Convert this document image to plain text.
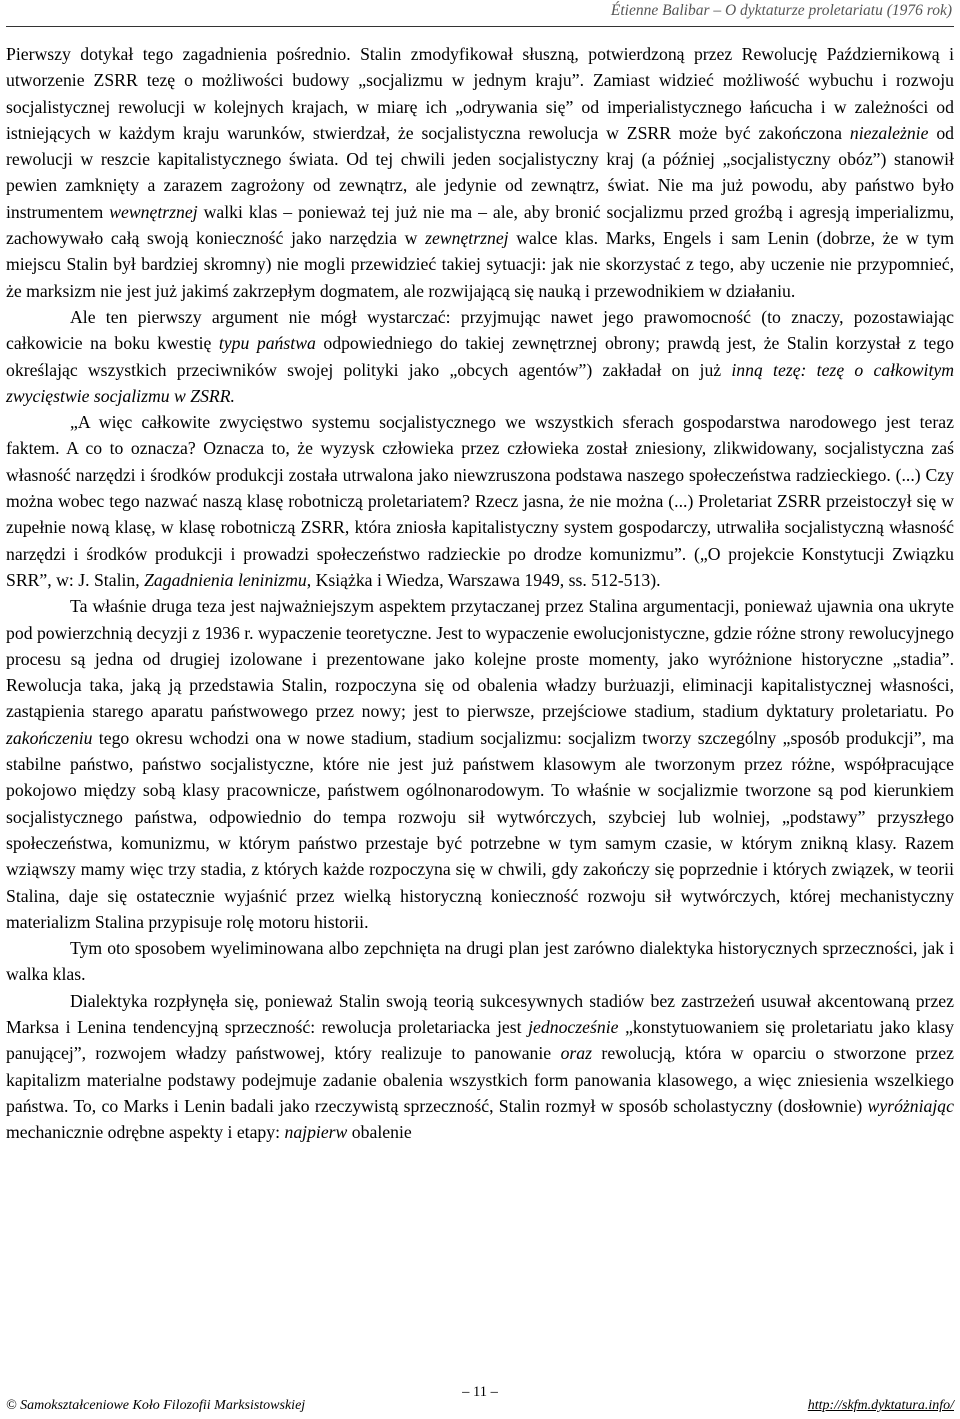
Étienne Balibar – O dyktaturze proletariatu (1976 rok)

Pierwszy dotykał tego zagadnienia pośrednio. Stalin zmodyfikował słuszną, potwierdzoną przez Rewolucję Październikową i utworzenie ZSRR tezę o możliwości budowy „socjalizmu w jednym kraju”. Zamiast widzieć możliwość wybuchu i rozwoju socjalistycznej rewolucji w kolejnych krajach, w miarę ich „odrywania się” od imperialistycznego łańcucha i w zależności od istniejących w każdym kraju warunków, stwierdzał, że socjalistyczna rewolucja w ZSRR może być zakończona niezależnie od rewolucji w reszcie kapitalistycznego świata. Od tej chwili jeden socjalistyczny kraj (a później „socjalistyczny obóz”) stanowił pewien zamknięty a zarazem zagrożony od zewnątrz, ale jedynie od zewnątrz, świat. Nie ma już powodu, aby państwo było instrumentem wewnętrznej walki klas – ponieważ tej już nie ma – ale, aby bronić socjalizmu przed groźbą i agresją imperializmu, zachowywało całą swoją konieczność jako narzędzia w zewnętrznej walce klas. Marks, Engels i sam Lenin (dobrze, że w tym miejscu Stalin był bardziej skromny) nie mogli przewidzieć takiej sytuacji: jak nie skorzystać z tego, aby uczenie nie przypomnieć, że marksizm nie jest już jakimś zakrzepłym dogmatem, ale rozwijającą się nauką i przewodnikiem w działaniu.

Ale ten pierwszy argument nie mógł wystarczać: przyjmując nawet jego prawomocność (to znaczy, pozostawiając całkowicie na boku kwestię typu państwa odpowiedniego do takiej zewnętrznej obrony; prawdą jest, że Stalin korzystał z tego określając wszystkich przeciwników swojej polityki jako „obcych agentów”) zakładał on już inną tezę: tezę o całkowitym zwycięstwie socjalizmu w ZSRR.

„A więc całkowite zwycięstwo systemu socjalistycznego we wszystkich sferach gospodarstwa narodowego jest teraz faktem. A co to oznacza? Oznacza to, że wyzysk człowieka przez człowieka został zniesiony, zlikwidowany, socjalistyczna zaś własność narzędzi i środków produkcji została utrwalona jako niewzruszona podstawa naszego społeczeństwa radzieckiego. (...) Czy można wobec tego nazwać naszą klasę robotniczą proletariatem? Rzecz jasna, że nie można (...) Proletariat ZSRR przeistoczył się w zupełnie nową klasę, w klasę robotniczą ZSRR, która zniosła kapitalistyczny system gospodarczy, utrwaliła socjalistyczną własność narzędzi i środków produkcji i prowadzi społeczeństwo radzieckie po drodze komunizmu”. („O projekcie Konstytucji Związku SRR”, w: J. Stalin, Zagadnienia leninizmu, Książka i Wiedza, Warszawa 1949, ss. 512-513).

Ta właśnie druga teza jest najważniejszym aspektem przytaczanej przez Stalina argumentacji, ponieważ ujawnia ona ukryte pod powierzchnią decyzji z 1936 r. wypaczenie teoretyczne. Jest to wypaczenie ewolucjonistyczne, gdzie różne strony rewolucyjnego procesu są jedna od drugiej izolowane i prezentowane jako kolejne proste momenty, jako wyróżnione historyczne „stadia”. Rewolucja taka, jaką ją przedstawia Stalin, rozpoczyna się od obalenia władzy burżuazji, eliminacji kapitalistycznej własności, zastąpienia starego aparatu państwowego przez nowy; jest to pierwsze, przejściowe stadium, stadium dyktatury proletariatu. Po zakończeniu tego okresu wchodzi ona w nowe stadium, stadium socjalizmu: socjalizm tworzy szczególny „sposób produkcji”, ma stabilne państwo, państwo socjalistyczne, które nie jest już państwem klasowym ale tworzonym przez różne, współpracujące pokojowo między sobą klasy pracownicze, państwem ogólnonarodowym. To właśnie w socjalizmie tworzone są pod kierunkiem socjalistycznego państwa, odpowiednio do tempa rozwoju sił wytwórczych, szybciej lub wolniej, „podstawy” przyszłego społeczeństwa, komunizmu, w którym państwo przestaje być potrzebne w tym samym czasie, w którym znikną klasy. Razem wziąwszy mamy więc trzy stadia, z których każde rozpoczyna się w chwili, gdy zakończy się poprzednie i których związek, w teorii Stalina, daje się ostatecznie wyjaśnić przez wielką historyczną konieczność rozwoju sił wytwórczych, której mechanistyczny materializm Stalina przypisuje rolę motoru historii.

Tym oto sposobem wyeliminowana albo zepchnięta na drugi plan jest zarówno dialektyka historycznych sprzeczności, jak i walka klas.

Dialektyka rozpłynęła się, ponieważ Stalin swoją teorią sukcesywnych stadiów bez zastrzeżeń usuwał akcentowaną przez Marksa i Lenina tendencyjną sprzeczność: rewolucja proletariacka jest jednocześnie „konstytuowaniem się proletariatu jako klasy panującej”, rozwojem władzy państwowej, który realizuje to panowanie oraz rewolucją, która w oparciu o stworzone przez kapitalizm materialne podstawy podejmuje zadanie obalenia wszystkich form panowania klasowego, a więc zniesienia wszelkiego państwa. To, co Marks i Lenin badali jako rzeczywistą sprzeczność, Stalin rozmył w sposób scholastyczny (dosłownie) wyróżniając mechanicznie odrębne aspekty i etapy: najpierw obalenie

– 11 –
© Samokształceniowe Koło Filozofii Marksistowskiej	http://skfm.dyktatura.info/
